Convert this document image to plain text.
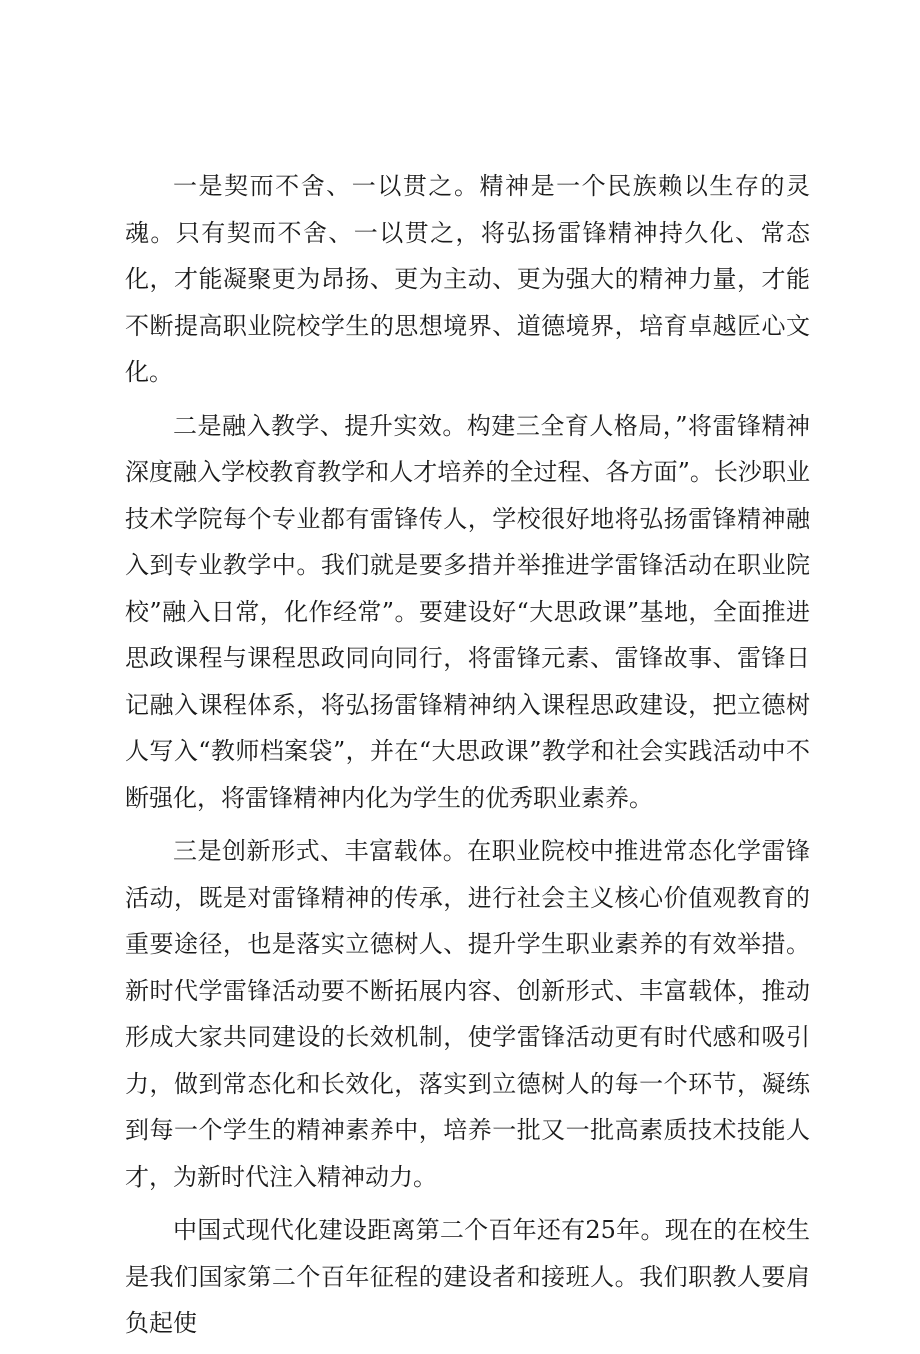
一是契而不舍、一以贯之。精神是一个民族赖以生存的灵魂。只有契而不舍、一以贯之，将弘扬雷锋精神持久化、常态化，才能凝聚更为昂扬、更为主动、更为强大的精神力量，才能不断提高职业院校学生的思想境界、道德境界，培育卓越匠心文化。

二是融入教学、提升实效。构建三全育人格局，”将雷锋精神深度融入学校教育教学和人才培养的全过程、各方面”。长沙职业技术学院每个专业都有雷锋传人，学校很好地将弘扬雷锋精神融入到专业教学中。我们就是要多措并举推进学雷锋活动在职业院校”融入日常，化作经常”。要建设好“大思政课”基地，全面推进思政课程与课程思政同向同行，将雷锋元素、雷锋故事、雷锋日记融入课程体系，将弘扬雷锋精神纳入课程思政建设，把立德树人写入“教师档案袋”，并在“大思政课”教学和社会实践活动中不断强化，将雷锋精神内化为学生的优秀职业素养。

三是创新形式、丰富载体。在职业院校中推进常态化学雷锋活动，既是对雷锋精神的传承，进行社会主义核心价值观教育的重要途径，也是落实立德树人、提升学生职业素养的有效举措。新时代学雷锋活动要不断拓展内容、创新形式、丰富载体，推动形成大家共同建设的长效机制，使学雷锋活动更有时代感和吸引力，做到常态化和长效化，落实到立德树人的每一个环节，凝练到每一个学生的精神素养中，培养一批又一批高素质技术技能人才，为新时代注入精神动力。

中国式现代化建设距离第二个百年还有25年。现在的在校生是我们国家第二个百年征程的建设者和接班人。我们职教人要肩负起使
